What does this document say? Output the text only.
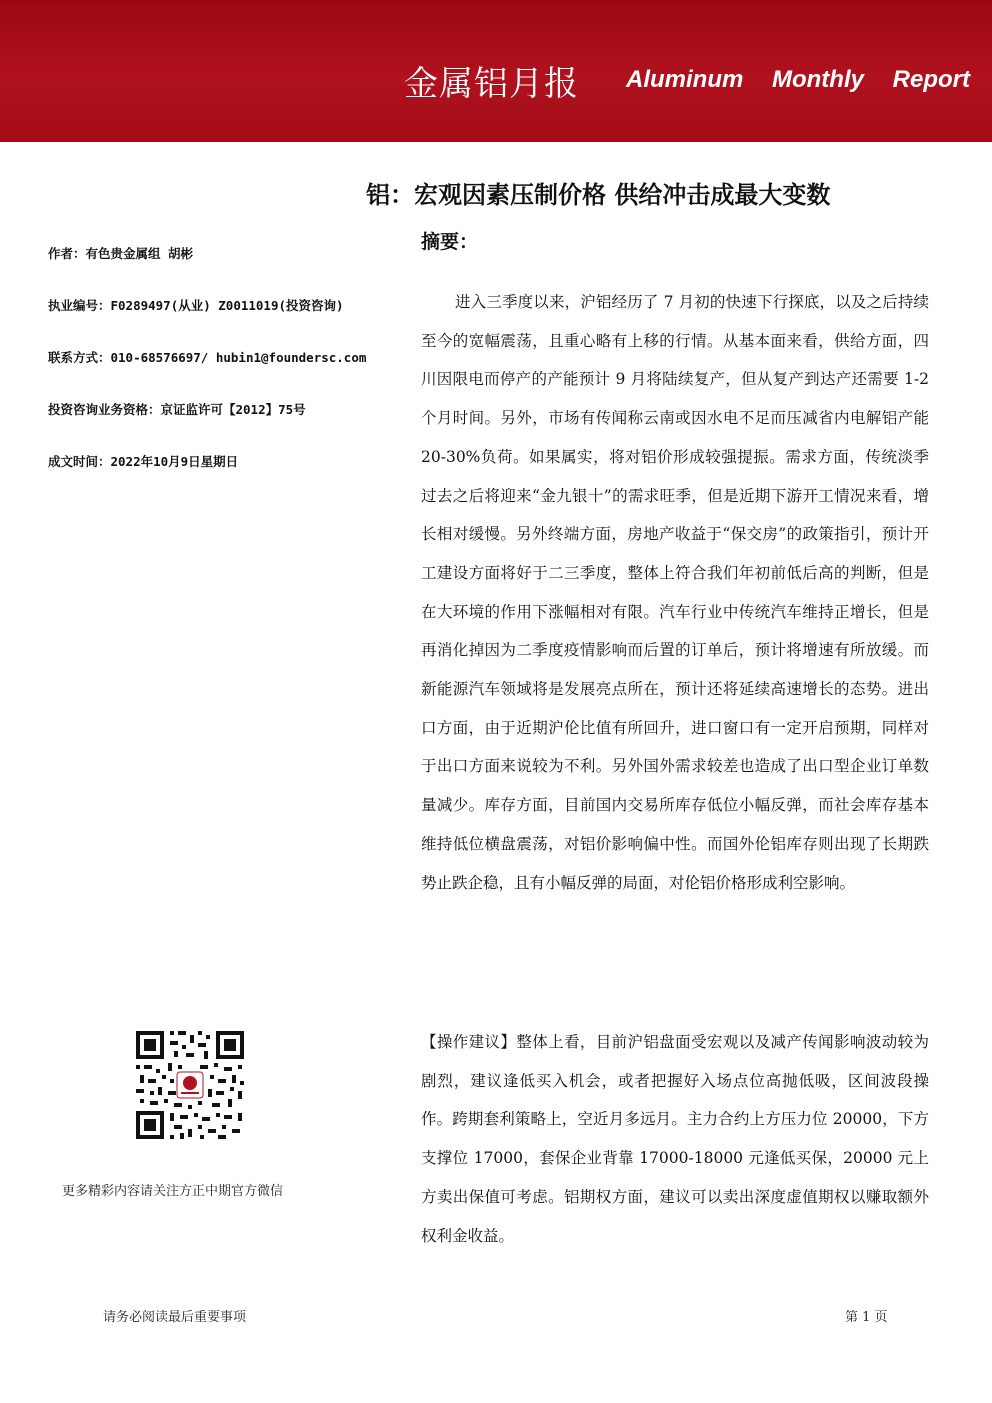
金属铝月报 Aluminum Monthly Report
铝：宏观因素压制价格 供给冲击成最大变数
摘要：
作者：有色贵金属组 胡彬
执业编号：F0289497(从业) Z0011019(投资咨询)
联系方式：010-68576697/ hubin1@foundersc.com
投资咨询业务资格：京证监许可【2012】75号
成文时间：2022年10月9日星期日
进入三季度以来，沪铝经历了 7 月初的快速下行探底，以及之后持续至今的宽幅震荡，且重心略有上移的行情。从基本面来看，供给方面，四川因限电而停产的产能预计 9 月将陆续复产，但从复产到达产还需要 1-2 个月时间。另外，市场有传闻称云南或因水电不足而压减省内电解铝产能 20-30%负荷。如果属实，将对铝价形成较强提振。需求方面，传统淡季过去之后将迎来“金九银十”的需求旺季，但是近期下游开工情况来看，增长相对缓慢。另外终端方面，房地产收益于“保交房”的政策指引，预计开工建设方面将好于二三季度，整体上符合我们年初前低后高的判断，但是在大环境的作用下涨幅相对有限。汽车行业中传统汽车维持正增长，但是再消化掉因为二季度疫情影响而后置的订单后，预计将增速有所放缓。而新能源汽车领域将是发展亮点所在，预计还将延续高速增长的态势。进出口方面，由于近期沪伦比值有所回升，进口窗口有一定开启预期，同样对于出口方面来说较为不利。另外国外需求较差也造成了出口型企业订单数量减少。库存方面，目前国内交易所库存低位小幅反弹，而社会库存基本维持低位横盘震荡，对铝价影响偏中性。而国外伦铝库存则出现了长期跌势止跌企稳，且有小幅反弹的局面，对伦铝价格形成利空影响。
【操作建议】整体上看，目前沪铝盘面受宏观以及减产传闻影响波动较为剧烈，建议逢低买入机会，或者把握好入场点位高抛低吸，区间波段操作。跨期套利策略上，空近月多远月。主力合约上方压力位 20000，下方支撑位 17000，套保企业背靠 17000-18000 元逢低买保，20000 元上方卖出保值可考虑。铝期权方面，建议可以卖出深度虚值期权以赚取额外权利金收益。
更多精彩内容请关注方正中期官方微信
请务必阅读最后重要事项	第 1 页
